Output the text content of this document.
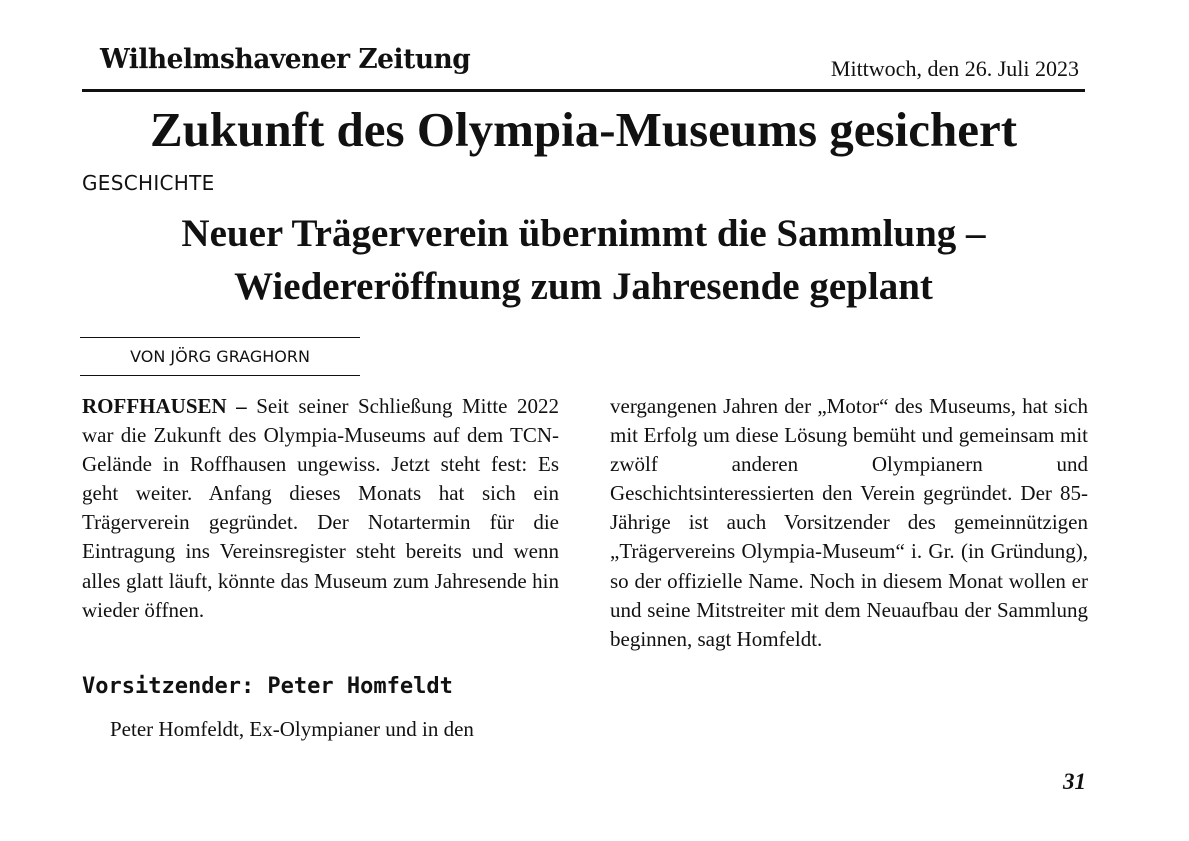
Wilhelmshavener Zeitung	Mittwoch, den 26. Juli 2023
Zukunft des Olympia-Museums gesichert
GESCHICHTE
Neuer Trägerverein übernimmt die Sammlung – Wiedereröffnung zum Jahresende geplant
VON JÖRG GRAGHORN
ROFFHAUSEN – Seit seiner Schließung Mitte 2022 war die Zukunft des Olympia-Museums auf dem TCN-Gelände in Roffhausen ungewiss. Jetzt steht fest: Es geht weiter. Anfang dieses Monats hat sich ein Trägerverein gegründet. Der Notartermin für die Eintragung ins Vereinsregister steht bereits und wenn alles glatt läuft, könnte das Museum zum Jahresende hin wieder öffnen.
Vorsitzender: Peter Homfeldt
Peter Homfeldt, Ex-Olympianer und in den
vergangenen Jahren der „Motor“ des Museums, hat sich mit Erfolg um diese Lösung bemüht und gemeinsam mit zwölf anderen Olympianern und Geschichtsinteressierten den Verein gegründet. Der 85-Jährige ist auch Vorsitzender des gemeinnützigen „Trägervereins Olympia-Museum“ i. Gr. (in Gründung), so der offizielle Name. Noch in diesem Monat wollen er und seine Mitstreiter mit dem Neuaufbau der Sammlung beginnen, sagt Homfeldt.
31
